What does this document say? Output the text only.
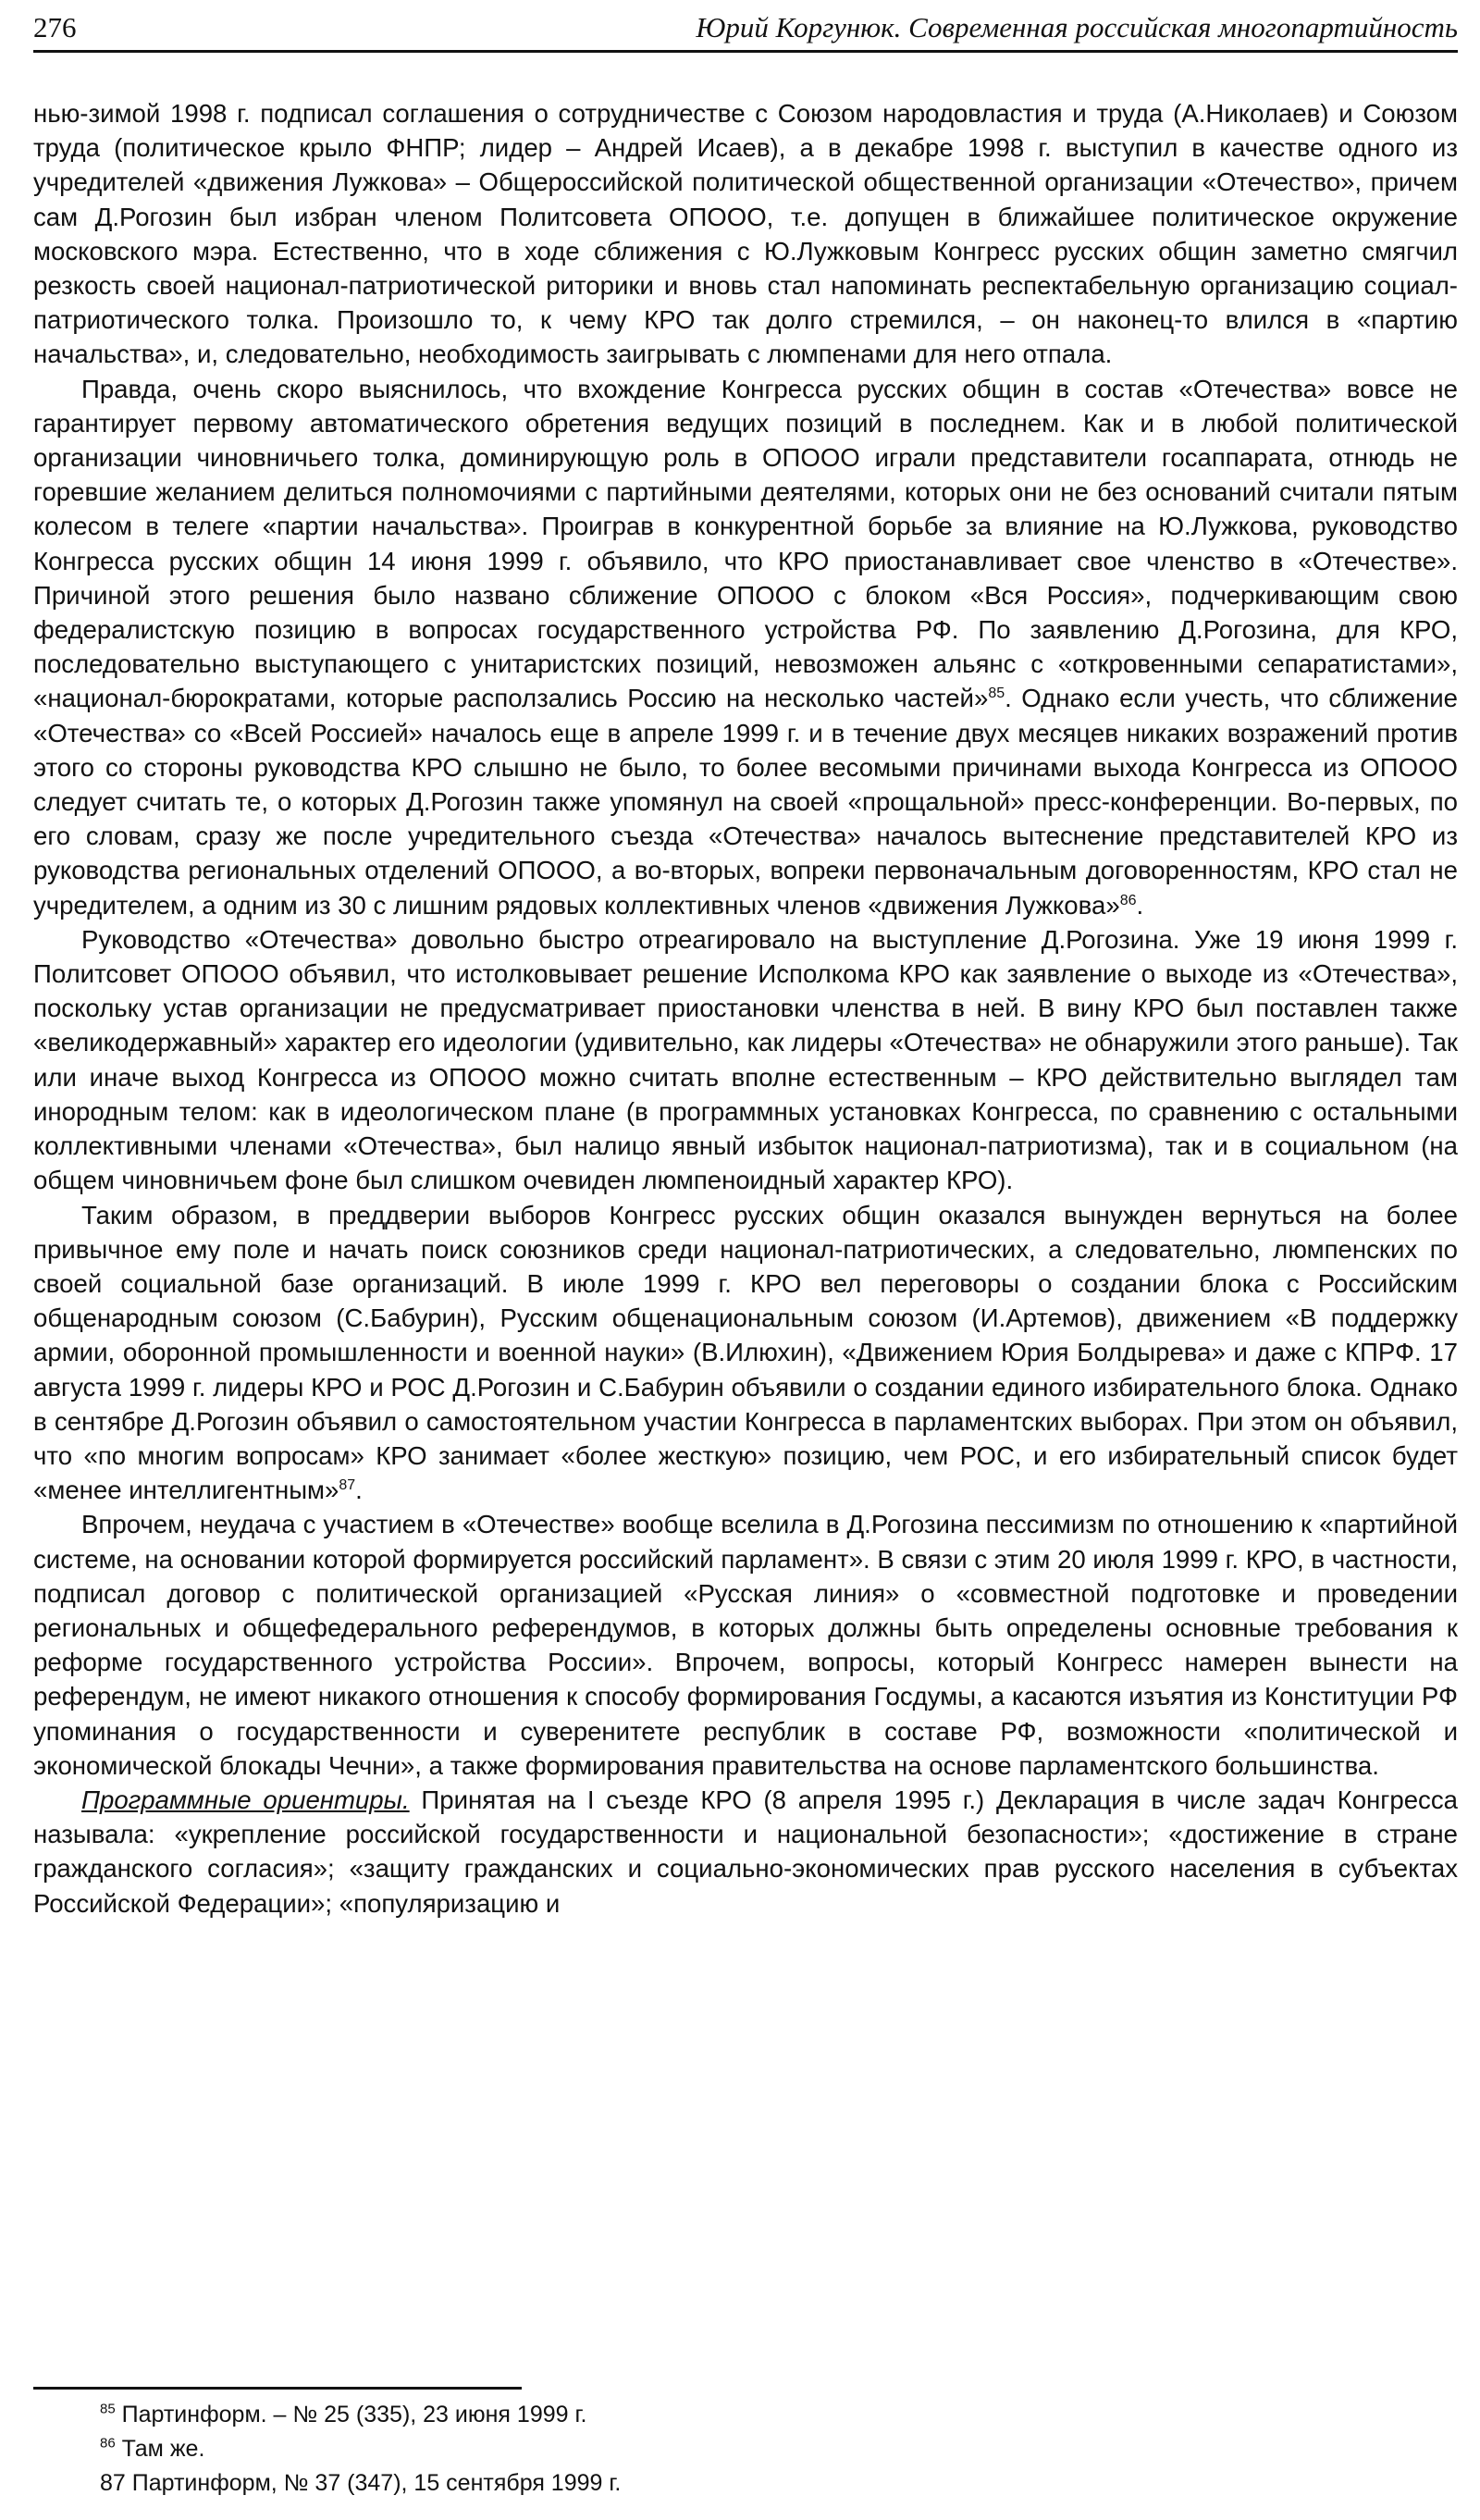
276	Юрий Коргунюк. Современная российская многопартийность

нью-зимой 1998 г. подписал соглашения о сотрудничестве с Союзом народовластия и труда (А.Николаев) и Союзом труда (политическое крыло ФНПР; лидер – Андрей Исаев), а в декабре 1998 г. выступил в качестве одного из учредителей «движения Лужкова» – Общероссийской политической общественной организации «Отечество», причем сам Д.Рогозин был избран членом Политсовета ОПООО, т.е. допущен в ближайшее политическое окружение московского мэра. Естественно, что в ходе сближения с Ю.Лужковым Конгресс русских общин заметно смягчил резкость своей национал-патриотической риторики и вновь стал напоминать респектабельную организацию социал-патриотического толка. Произошло то, к чему КРО так долго стремился, – он наконец-то влился в «партию начальства», и, следовательно, необходимость заигрывать с люмпенами для него отпала.

Правда, очень скоро выяснилось, что вхождение Конгресса русских общин в состав «Отечества» вовсе не гарантирует первому автоматического обретения ведущих позиций в последнем. Как и в любой политической организации чиновничьего толка, доминирующую роль в ОПООО играли представители госаппарата, отнюдь не горевшие желанием делиться полномочиями с партийными деятелями, которых они не без оснований считали пятым колесом в телеге «партии начальства». Проиграв в конкурентной борьбе за влияние на Ю.Лужкова, руководство Конгресса русских общин 14 июня 1999 г. объявило, что КРО приостанавливает свое членство в «Отечестве». Причиной этого решения было названо сближение ОПООО с блоком «Вся Россия», подчеркивающим свою федералистскую позицию в вопросах государственного устройства РФ. По заявлению Д.Рогозина, для КРО, последовательно выступающего с унитаристских позиций, невозможен альянс с «откровенными сепаратистами», «национал-бюрократами, которые расползались Россию на несколько частей»$^{85}$. Однако если учесть, что сближение «Отечества» со «Всей Россией» началось еще в апреле 1999 г. и в течение двух месяцев никаких возражений против этого со стороны руководства КРО слышно не было, то более весомыми причинами выхода Конгресса из ОПООО следует считать те, о которых Д.Рогозин также упомянул на своей «прощальной» пресс-конференции. Во-первых, по его словам, сразу же после учредительного съезда «Отечества» началось вытеснение представителей КРО из руководства региональных отделений ОПООО, а во-вторых, вопреки первоначальным договоренностям, КРО стал не учредителем, а одним из 30 с лишним рядовых коллективных членов «движения Лужкова»$^{86}$.

Руководство «Отечества» довольно быстро отреагировало на выступление Д.Рогозина. Уже 19 июня 1999 г. Политсовет ОПООО объявил, что истолковывает решение Исполкома КРО как заявление о выходе из «Отечества», поскольку устав организации не предусматривает приостановки членства в ней. В вину КРО был поставлен также «великодержавный» характер его идеологии (удивительно, как лидеры «Отечества» не обнаружили этого раньше). Так или иначе выход Конгресса из ОПООО можно считать вполне естественным – КРО действительно выглядел там инородным телом: как в идеологическом плане (в программных установках Конгресса, по сравнению с остальными коллективными членами «Отечества», был налицо явный избыток национал-патриотизма), так и в социальном (на общем чиновничьем фоне был слишком очевиден люмпеноидный характер КРО).

Таким образом, в преддверии выборов Конгресс русских общин оказался вынужден вернуться на более привычное ему поле и начать поиск союзников среди национал-патриотических, а следовательно, люмпенских по своей социальной базе организаций. В июле 1999 г. КРО вел переговоры о создании блока с Российским общенародным союзом (С.Бабурин), Русским общенациональным союзом (И.Артемов), движением «В поддержку армии, оборонной промышленности и военной науки» (В.Илюхин), «Движением Юрия Болдырева» и даже с КПРФ. 17 августа 1999 г. лидеры КРО и РОС Д.Рогозин и С.Бабурин объявили о создании единого избирательного блока. Однако в сентябре Д.Рогозин объявил о самостоятельном участии Конгресса в парламентских выборах. При этом он объявил, что «по многим вопросам» КРО занимает «более жесткую» позицию, чем РОС, и его избирательный список будет «менее интеллигентным»$^{87}$.

Впрочем, неудача с участием в «Отечестве» вообще вселила в Д.Рогозина пессимизм по отношению к «партийной системе, на основании которой формируется российский парламент». В связи с этим 20 июля 1999 г. КРО, в частности, подписал договор с политической организацией «Русская линия» о «совместной подготовке и проведении региональных и общефедерального референдумов, в которых должны быть определены основные требования к реформе государственного устройства России». Впрочем, вопросы, который Конгресс намерен вынести на референдум, не имеют никакого отношения к способу формирования Госдумы, а касаются изъятия из Конституции РФ упоминания о государственности и суверенитете республик в составе РФ, возможности «политической и экономической блокады Чечни», а также формирования правительства на основе парламентского большинства.

Программные ориентиры. Принятая на I съезде КРО (8 апреля 1995 г.) Декларация в числе задач Конгресса называла: «укрепление российской государственности и национальной безопасности»; «достижение в стране гражданского согласия»; «защиту гражданских и социально-экономических прав русского населения в субъектах Российской Федерации»; «популяризацию и

$^{85}$ Партинформ. – № 25 (335), 23 июня 1999 г.

$^{86}$ Там же.

87 Партинформ, № 37 (347), 15 сентября 1999 г.
